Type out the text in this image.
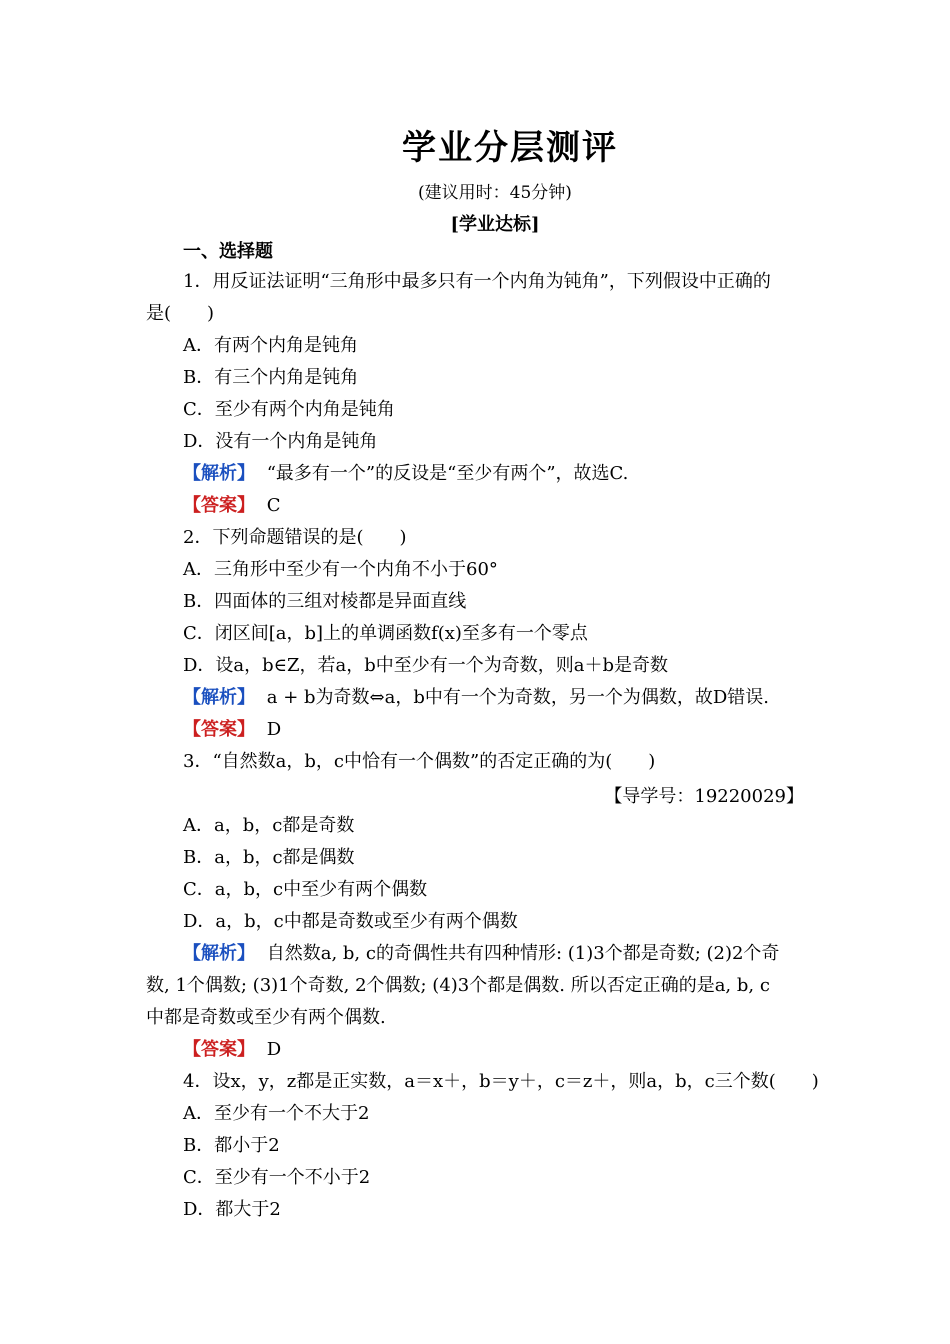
学业分层测评
(建议用时：45分钟)
[学业达标]
一、选择题
1．用反证法证明“三角形中最多只有一个内角为钝角”，下列假设中正确的
是(　　)
A．有两个内角是钝角
B．有三个内角是钝角
C．至少有两个内角是钝角
D．没有一个内角是钝角
【解析】 “最多有一个”的反设是“至少有两个”，故选C.
【答案】 C
2．下列命题错误的是(　　)
A．三角形中至少有一个内角不小于60°
B．四面体的三组对棱都是异面直线
C．闭区间[a，b]上的单调函数f(x)至多有一个零点
D．设a，b∈Z，若a，b中至少有一个为奇数，则a＋b是奇数
【解析】 a + b为奇数⇔a，b中有一个为奇数，另一个为偶数，故D错误.
【答案】 D
3．“自然数a，b，c中恰有一个偶数”的否定正确的为(　　)
【导学号：19220029】
A．a，b，c都是奇数
B．a，b，c都是偶数
C．a，b，c中至少有两个偶数
D．a，b，c中都是奇数或至少有两个偶数
【解析】 自然数a, b, c的奇偶性共有四种情形: (1)3个都是奇数; (2)2个奇
数, 1个偶数; (3)1个奇数, 2个偶数; (4)3个都是偶数. 所以否定正确的是a, b, c
中都是奇数或至少有两个偶数.
【答案】 D
4．设x，y，z都是正实数，a＝x＋，b＝y＋，c＝z＋，则a，b，c三个数(　　)
A．至少有一个不大于2
B．都小于2
C．至少有一个不小于2
D．都大于2
